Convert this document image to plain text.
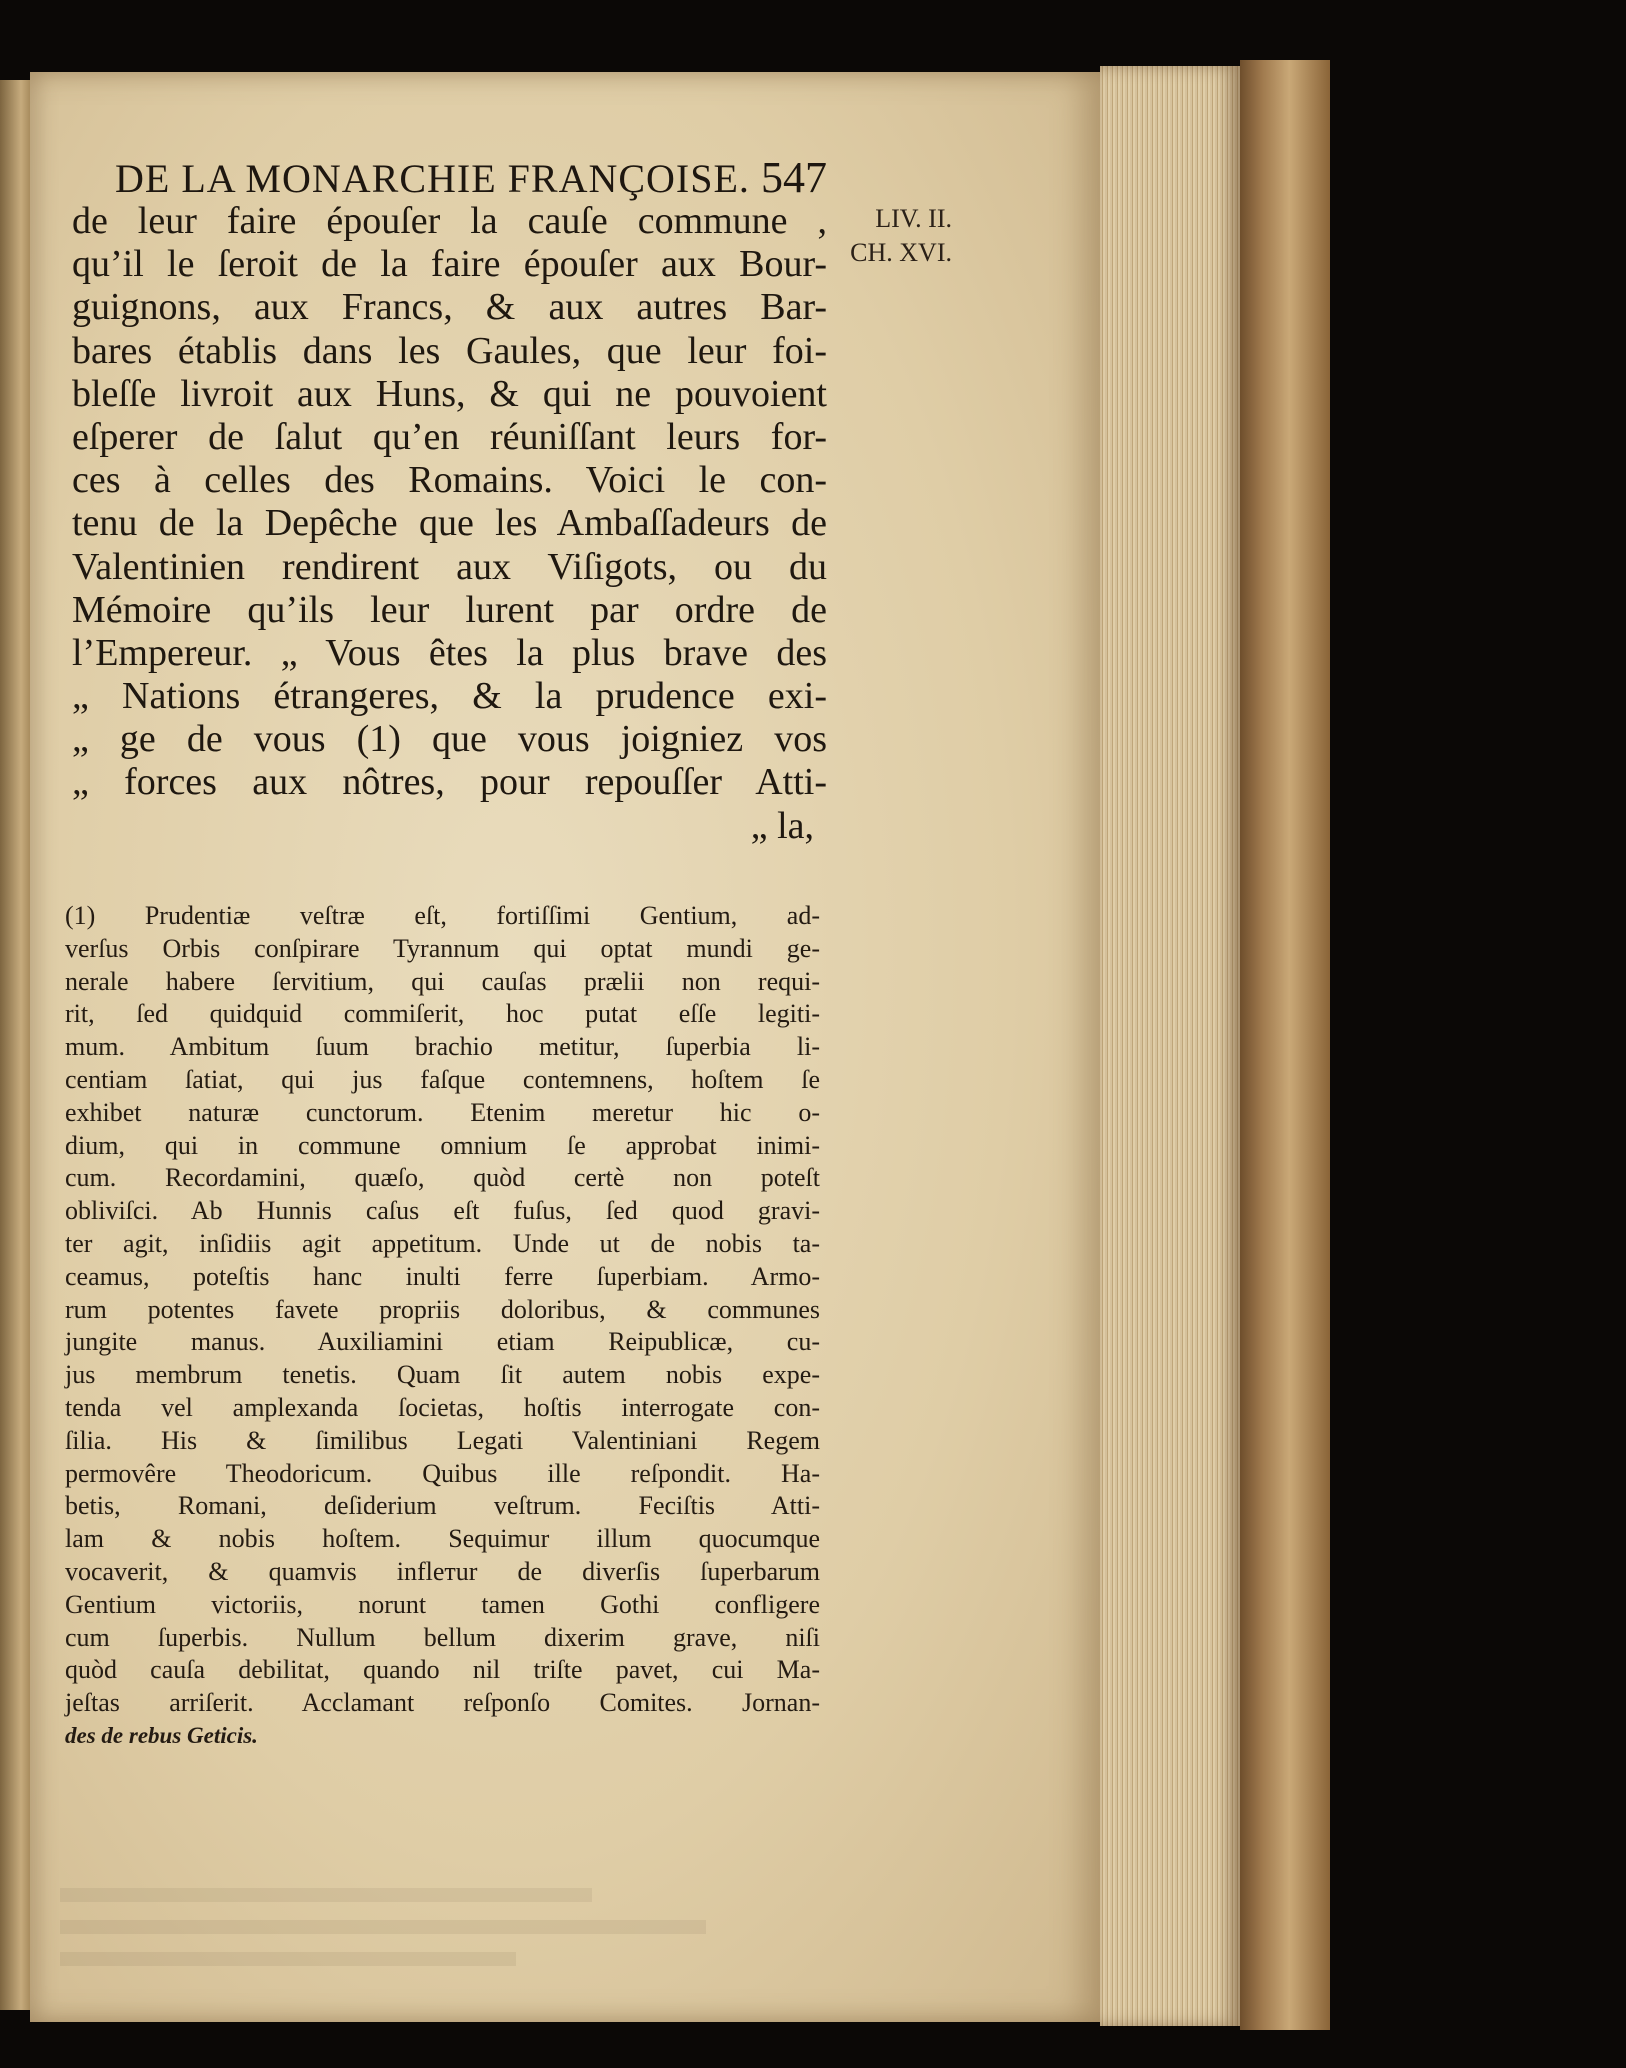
DE LA MONARCHIE FRANÇOISE. 547
LIV. II.
CH. XVI.
de leur faire épouſer la cauſe commune ,
qu’il le ſeroit de la faire épouſer aux Bour-
guignons, aux Francs, & aux autres Bar-
bares établis dans les Gaules, que leur foi-
bleſſe livroit aux Huns, & qui ne pouvoient
eſperer de ſalut qu’en réuniſſant leurs for-
ces à celles des Romains. Voici le con-
tenu de la Depêche que les Ambaſſadeurs de
Valentinien rendirent aux Viſigots, ou du
Mémoire qu’ils leur lurent par ordre de
l’Empereur. „ Vous êtes la plus brave des
„ Nations étrangeres, & la prudence exi-
„ ge de vous (1) que vous joigniez vos
„ forces aux nôtres, pour repouſſer Atti-
„ la,
(1) Prudentiæ veſtræ eſt, fortiſſimi Gentium, ad-
verſus Orbis conſpirare Tyrannum qui optat mundi ge-
nerale habere ſervitium, qui cauſas prælii non requi-
rit, ſed quidquid commiſerit, hoc putat eſſe legiti-
mum. Ambitum ſuum brachio metitur, ſuperbia li-
centiam ſatiat, qui jus faſque contemnens, hoſtem ſe
exhibet naturæ cunctorum. Etenim meretur hic o-
dium, qui in commune omnium ſe approbat inimi-
cum. Recordamini, quæſo, quòd certè non poteſt
obliviſci. Ab Hunnis caſus eſt fuſus, ſed quod gravi-
ter agit, inſidiis agit appetitum. Unde ut de nobis ta-
ceamus, poteſtis hanc inulti ferre ſuperbiam. Armo-
rum potentes favete propriis doloribus, & communes
jungite manus. Auxiliamini etiam Reipublicæ, cu-
jus membrum tenetis. Quam ſit autem nobis expe-
tenda vel amplexanda ſocietas, hoſtis interrogate con-
ſilia. His & ſimilibus Legati Valentiniani Regem
permovêre Theodoricum. Quibus ille reſpondit. Ha-
betis, Romani, deſiderium veſtrum. Feciſtis Atti-
lam & nobis hoſtem. Sequimur illum quocumque
vocaverit, & quamvis inflетur de diverſis ſuperbarum
Gentium victoriis, norunt tamen Gothi confligere
cum ſuperbis. Nullum bellum dixerim grave, niſi
quòd cauſa debilitat, quando nil triſte pavet, cui Ma-
jeſtas arriſerit. Acclamant reſponſo Comites. Jornan-
des de rebus Geticis.
